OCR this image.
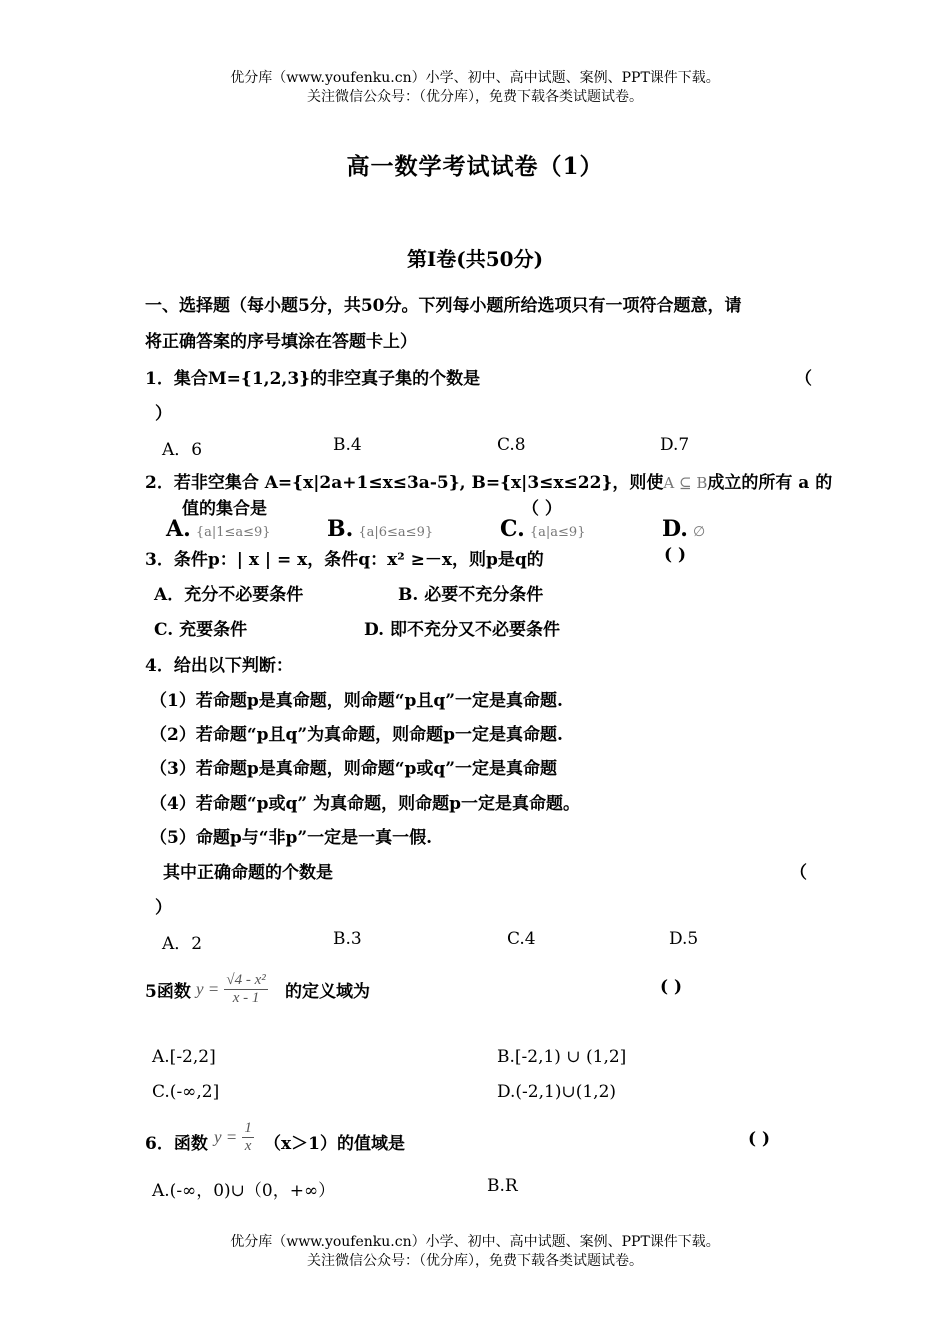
优分库（www.youfenku.cn）小学、初中、高中试题、案例、PPT课件下载。
关注微信公众号：（优分库），免费下载各类试题试卷。
高一数学考试试卷（1）
第Ⅰ卷(共50分)
一、选择题（每小题5分，共50分。下列每小题所给选项只有一项符合题意，请
将正确答案的序号填涂在答题卡上）
1．集合M={1,2,3}的非空真子集的个数是	（
）
A．6	B.4	C.8	D.7
2．若非空集合 A={x|2a+1≤x≤3a-5}, B={x|3≤x≤22}，则使A ⊆ B成立的所有 a 的
值的集合是	（ ）
A. {a|1≤a≤9}	B. {a|6≤a≤9}	C. {a|a≤9}	D. ∅
3．条件p：| x | = x，条件q：x² ≥－x，则p是q的	( )
A．充分不必要条件	B. 必要不充分条件
C. 充要条件	D. 即不充分又不必要条件
4．给出以下判断：
（1）若命题p是真命题，则命题“p且q”一定是真命题.
（2）若命题“p且q”为真命题，则命题p一定是真命题.
（3）若命题p是真命题，则命题“p或q”一定是真命题
（4）若命题“p或q” 为真命题，则命题p一定是真命题。
（5）命题p与“非p”一定是一真一假.
其中正确命题的个数是	（
）
A．2	B.3	C.4	D.5
5函数 $y = \frac{\text{√4 - x²}}{x - 1}$ 的定义域为	( )
A.[-2,2]	B.[-2,1) ∪ (1,2]
C.(-∞,2]	D.(-2,1)∪(1,2)
6．函数 $y = \frac{1}{x} (x>1)$的值域是	( )
A.(-∞，0)∪（0，+∞）	B.R
优分库（www.youfenku.cn）小学、初中、高中试题、案例、PPT课件下载。
关注微信公众号：（优分库），免费下载各类试题试卷。
